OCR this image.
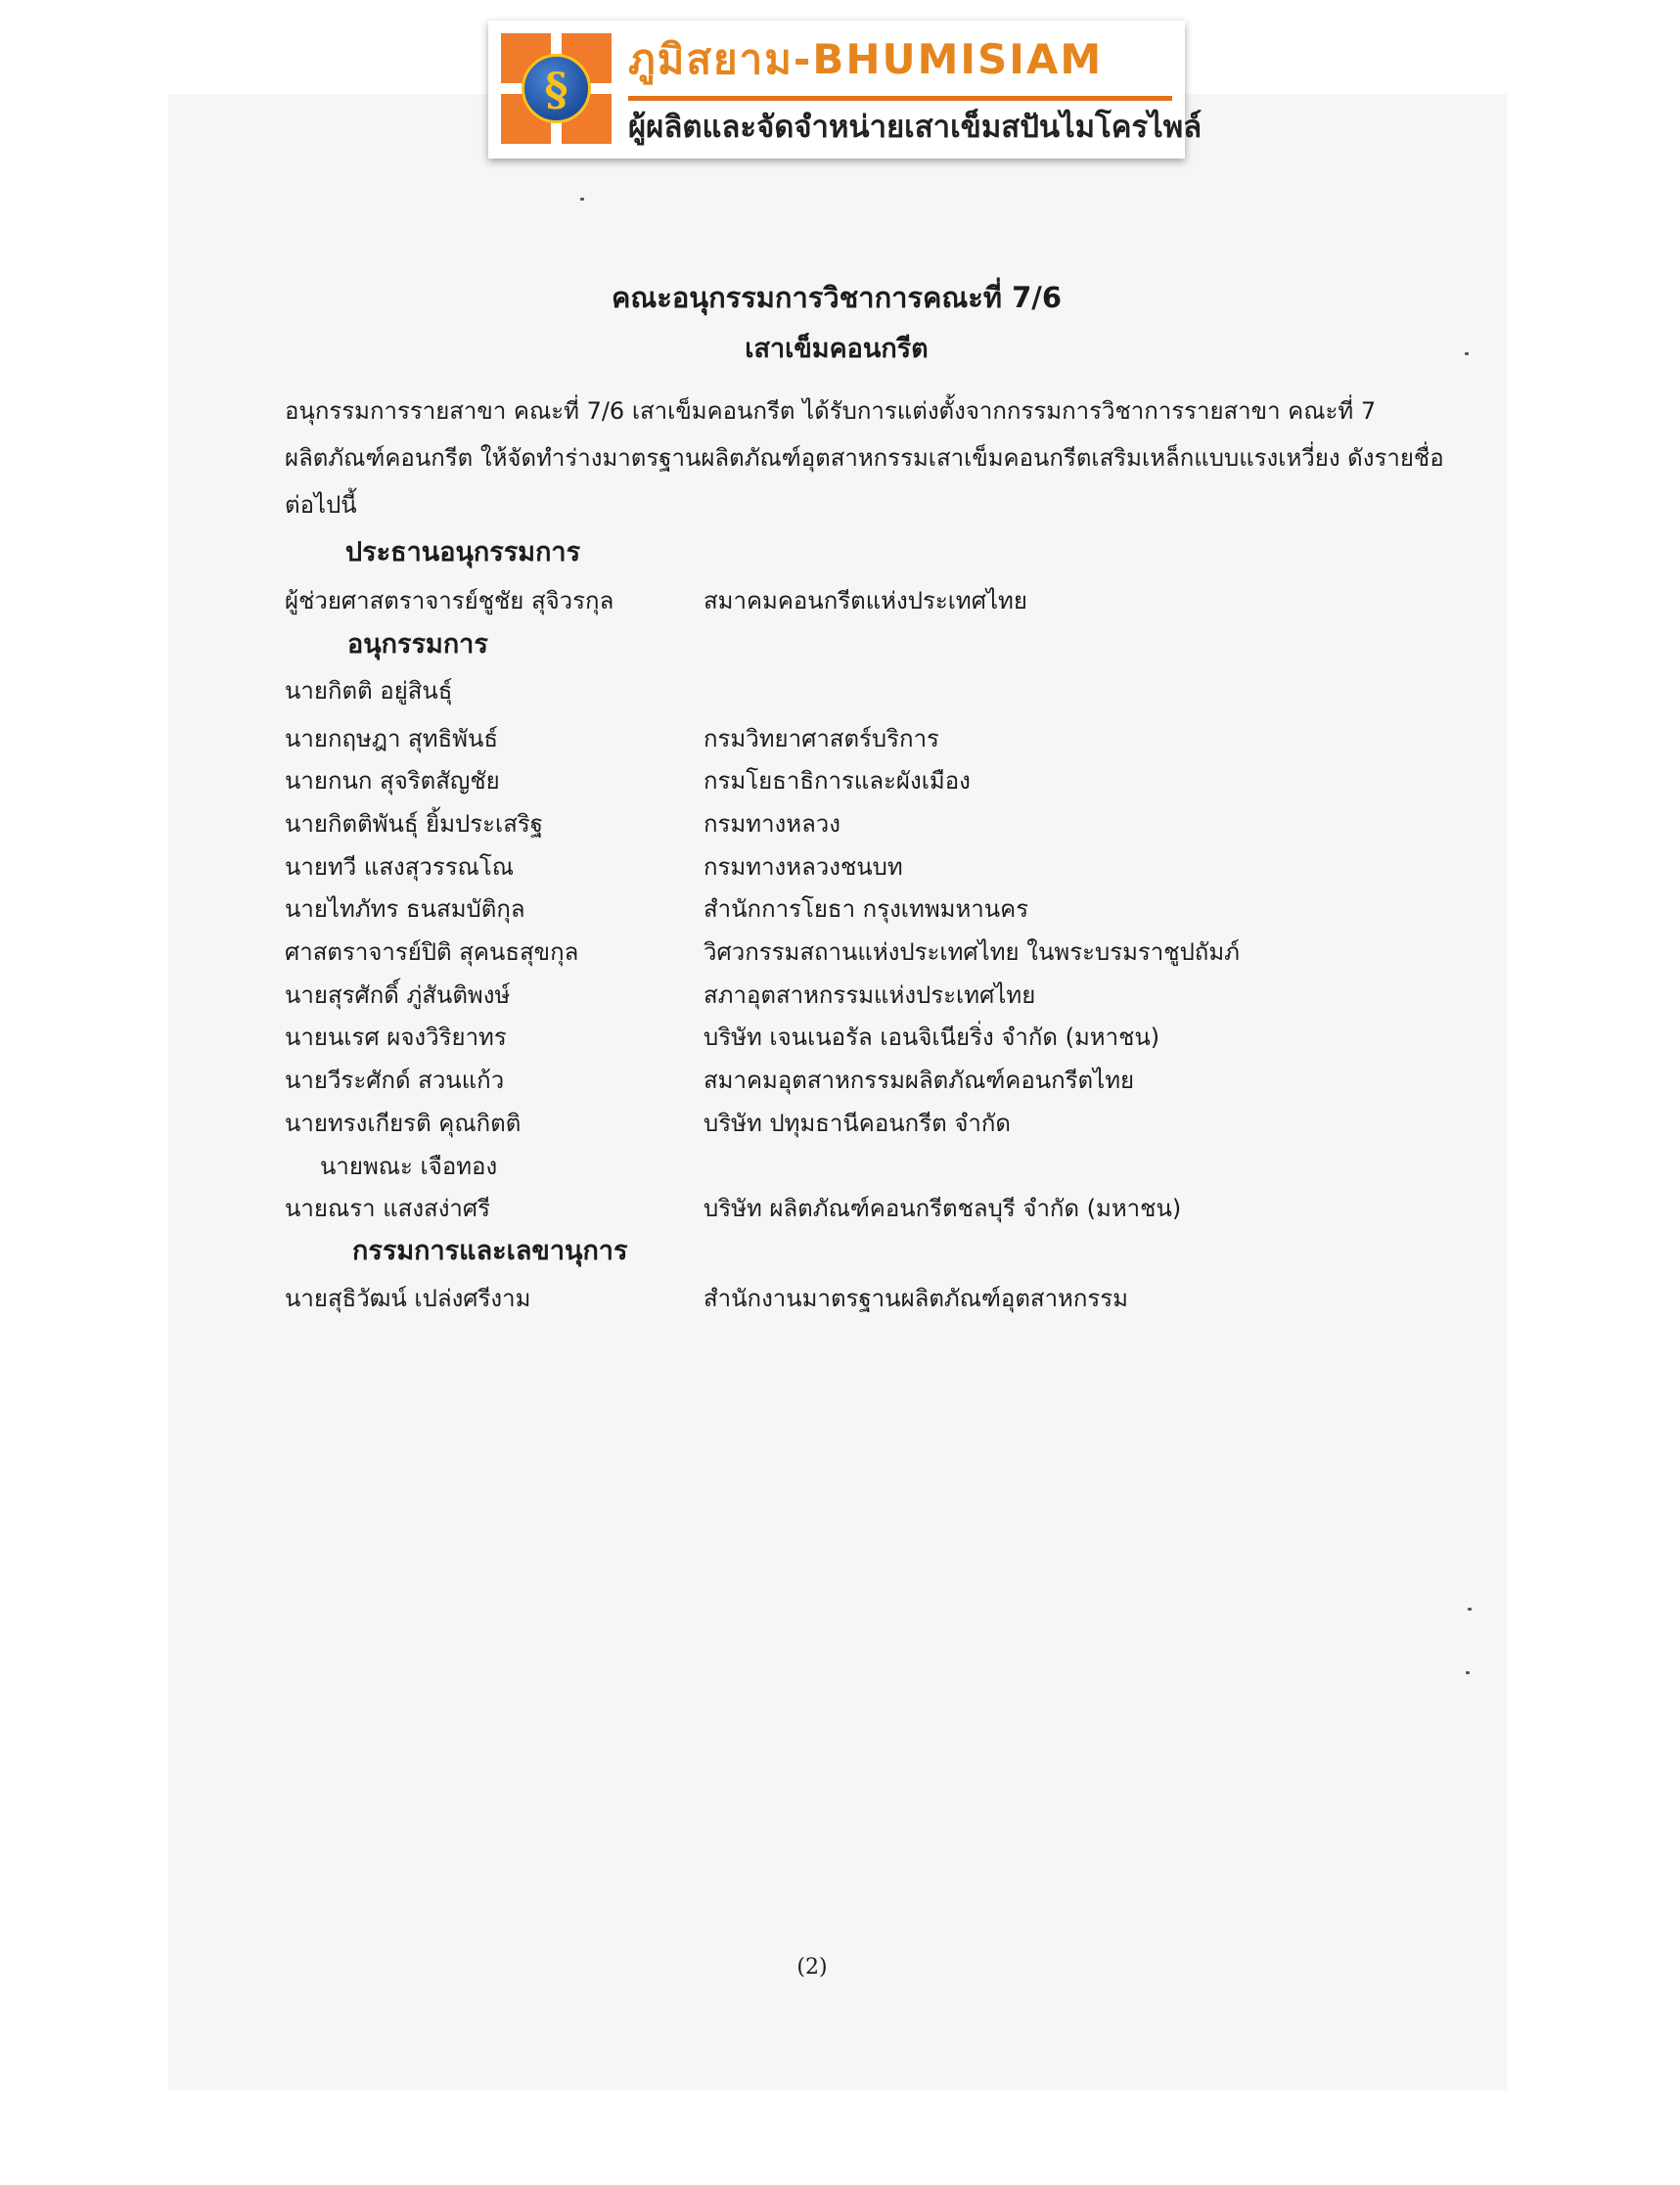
§
ภูมิสยาม-BHUMISIAM
ผู้ผลิตและจัดจำหน่ายเสาเข็มสปันไมโครไพล์
คณะอนุกรรมการวิชาการคณะที่ 7/6
เสาเข็มคอนกรีต
อนุกรรมการรายสาขา คณะที่ 7/6 เสาเข็มคอนกรีต ได้รับการแต่งตั้งจากกรรมการวิชาการรายสาขา คณะที่ 7
ผลิตภัณฑ์คอนกรีต ให้จัดทำร่างมาตรฐานผลิตภัณฑ์อุตสาหกรรมเสาเข็มคอนกรีตเสริมเหล็กแบบแรงเหวี่ยง ดังรายชื่อ
ต่อไปนี้
ประธานอนุกรรมการ
ผู้ช่วยศาสตราจารย์ชูชัย สุจิวรกุล	สมาคมคอนกรีตแห่งประเทศไทย
อนุกรรมการ
นายกิตติ อยู่สินธุ์
นายกฤษฎา สุทธิพันธ์	กรมวิทยาศาสตร์บริการ
นายกนก สุจริตสัญชัย	กรมโยธาธิการและผังเมือง
นายกิตติพันธุ์ ยิ้มประเสริฐ	กรมทางหลวง
นายทวี แสงสุวรรณโณ	กรมทางหลวงชนบท
นายไทภัทร ธนสมบัติกุล	สำนักการโยธา กรุงเทพมหานคร
ศาสตราจารย์ปิติ สุคนธสุขกุล	วิศวกรรมสถานแห่งประเทศไทย ในพระบรมราชูปถัมภ์
นายสุรศักดิ์ ภู่สันติพงษ์	สภาอุตสาหกรรมแห่งประเทศไทย
นายนเรศ ผจงวิริยาทร	บริษัท เจนเนอรัล เอนจิเนียริ่ง จำกัด (มหาชน)
นายวีระศักด์ สวนแก้ว	สมาคมอุตสาหกรรมผลิตภัณฑ์คอนกรีตไทย
นายทรงเกียรติ คุณกิตติ	บริษัท ปทุมธานีคอนกรีต จำกัด
นายพณะ เจือทอง
นายณรา แสงสง่าศรี	บริษัท ผลิตภัณฑ์คอนกรีตชลบุรี จำกัด (มหาชน)
กรรมการและเลขานุการ
นายสุธิวัฒน์ เปล่งศรีงาม	สำนักงานมาตรฐานผลิตภัณฑ์อุตสาหกรรม
(2)
